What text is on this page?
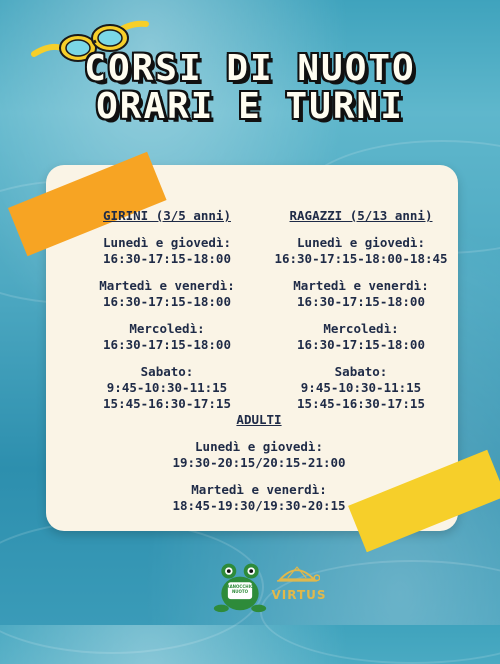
CORSI DI NUOTO
ORARI E TURNI
GIRINI (3/5 anni)
Lunedì e giovedì:
16:30-17:15-18:00
Martedì e venerdì:
16:30-17:15-18:00
Mercoledì:
16:30-17:15-18:00
Sabato:
9:45-10:30-11:15
15:45-16:30-17:15
RAGAZZI (5/13 anni)
Lunedì e giovedì:
16:30-17:15-18:00-18:45
Martedì e venerdì:
16:30-17:15-18:00
Mercoledì:
16:30-17:15-18:00
Sabato:
9:45-10:30-11:15
15:45-16:30-17:15
ADULTI
Lunedì e giovedì:
19:30-20:15/20:15-21:00
Martedì e venerdì:
18:45-19:30/19:30-20:15
RANOCCHIO NUOTO	VIRTUS
